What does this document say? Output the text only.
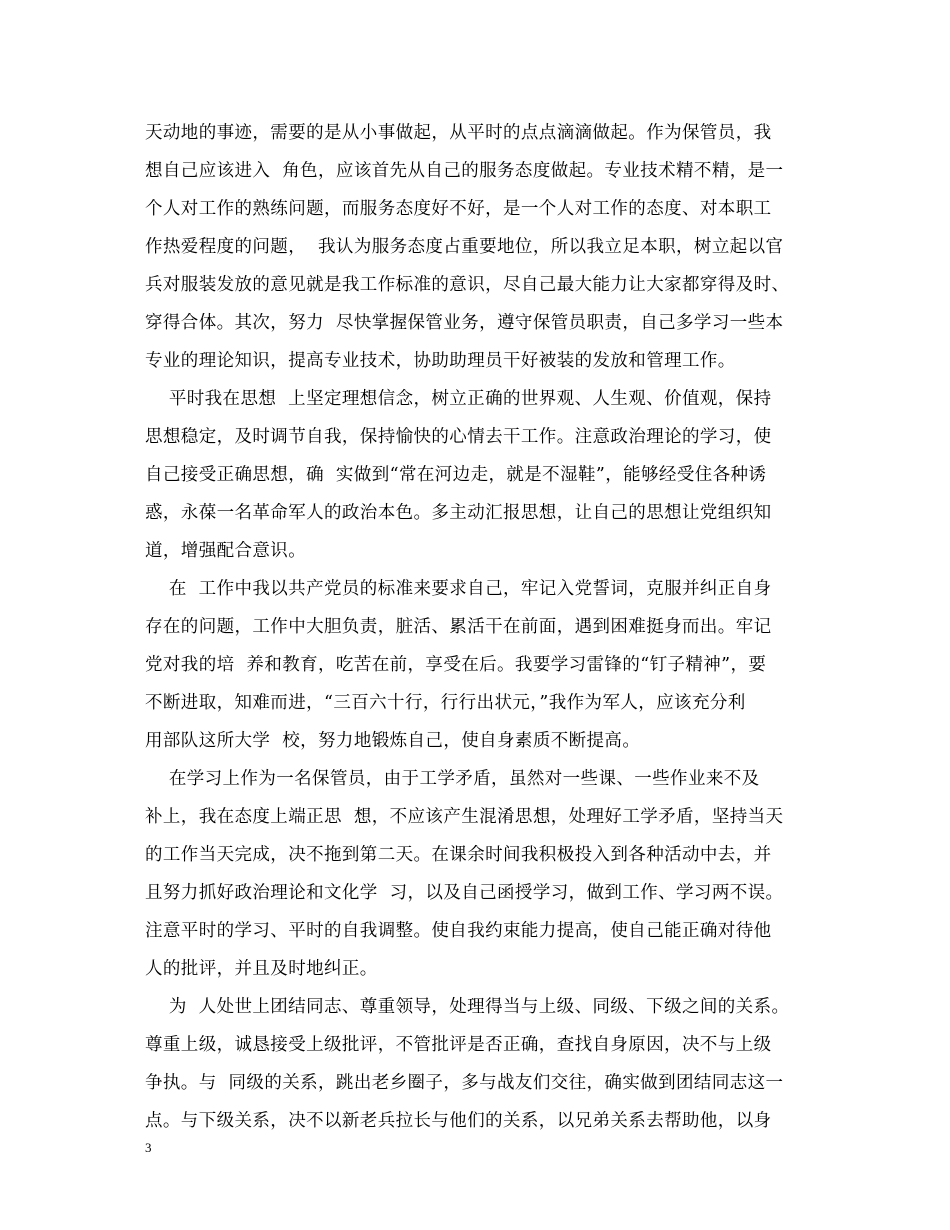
天动地的事迹，需要的是从小事做起，从平时的点点滴滴做起。作为保管员，我
想自己应该进入  角色，应该首先从自己的服务态度做起。专业技术精不精，是一
个人对工作的熟练问题，而服务态度好不好，是一个人对工作的态度、对本职工
作热爱程度的问题，  我认为服务态度占重要地位，所以我立足本职，树立起以官
兵对服装发放的意见就是我工作标准的意识，尽自己最大能力让大家都穿得及时、
穿得合体。其次，努力  尽快掌握保管业务，遵守保管员职责，自己多学习一些本
专业的理论知识，提高专业技术，协助助理员干好被装的发放和管理工作。
平时我在思想  上坚定理想信念，树立正确的世界观、人生观、价值观，保持
思想稳定，及时调节自我，保持愉快的心情去干工作。注意政治理论的学习，使
自己接受正确思想，确  实做到“常在河边走，就是不湿鞋”，能够经受住各种诱
惑，永葆一名革命军人的政治本色。多主动汇报思想，让自己的思想让党组织知
道，增强配合意识。
在  工作中我以共产党员的标准来要求自己，牢记入党誓词，克服并纠正自身
存在的问题，工作中大胆负责，脏活、累活干在前面，遇到困难挺身而出。牢记
党对我的培  养和教育，吃苦在前，享受在后。我要学习雷锋的“钉子精神”，要
不断进取，知难而进，“三百六十行，行行出状元，”我作为军人，应该充分利
用部队这所大学  校，努力地锻炼自己，使自身素质不断提高。
在学习上作为一名保管员，由于工学矛盾，虽然对一些课、一些作业来不及
补上，我在态度上端正思  想，不应该产生混淆思想，处理好工学矛盾，坚持当天
的工作当天完成，决不拖到第二天。在课余时间我积极投入到各种活动中去，并
且努力抓好政治理论和文化学  习，以及自己函授学习，做到工作、学习两不误。
注意平时的学习、平时的自我调整。使自我约束能力提高，使自己能正确对待他
人的批评，并且及时地纠正。
为  人处世上团结同志、尊重领导，处理得当与上级、同级、下级之间的关系。
尊重上级，诚恳接受上级批评，不管批评是否正确，查找自身原因，决不与上级
争执。与  同级的关系，跳出老乡圈子，多与战友们交往，确实做到团结同志这一
点。与下级关系，决不以新老兵拉长与他们的关系，以兄弟关系去帮助他，以身
3
